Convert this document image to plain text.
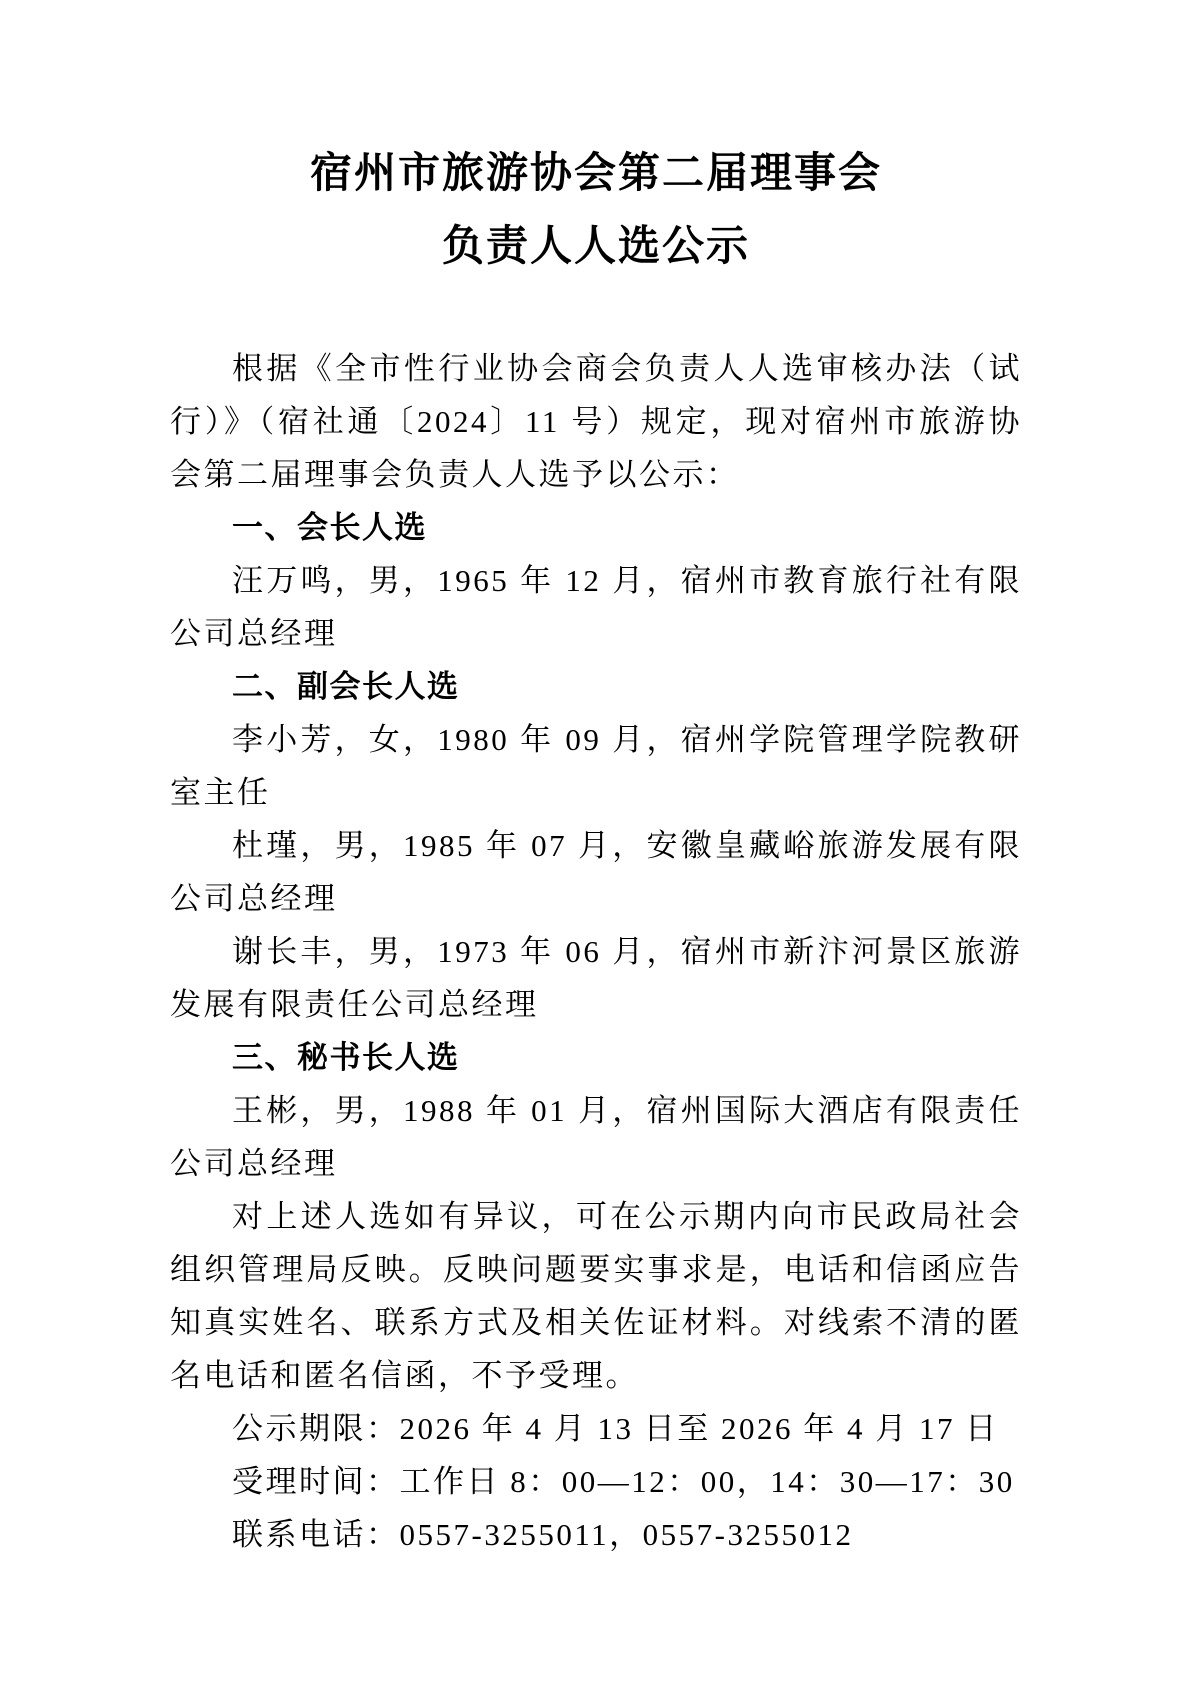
宿州市旅游协会第二届理事会
负责人人选公示

根据《全市性行业协会商会负责人人选审核办法（试行）》（宿社通〔2024〕11 号）规定，现对宿州市旅游协会第二届理事会负责人人选予以公示：

一、会长人选

汪万鸣，男，1965 年 12 月，宿州市教育旅行社有限公司总经理

二、副会长人选

李小芳，女，1980 年 09 月，宿州学院管理学院教研室主任

杜瑾，男，1985 年 07 月，安徽皇藏峪旅游发展有限公司总经理

谢长丰，男，1973 年 06 月，宿州市新汴河景区旅游发展有限责任公司总经理

三、秘书长人选

王彬，男，1988 年 01 月，宿州国际大酒店有限责任公司总经理

对上述人选如有异议，可在公示期内向市民政局社会组织管理局反映。反映问题要实事求是，电话和信函应告知真实姓名、联系方式及相关佐证材料。对线索不清的匿名电话和匿名信函，不予受理。

公示期限：2026 年 4 月 13 日至 2026 年 4 月 17 日

受理时间：工作日 8：00—12：00，14：30—17：30

联系电话：0557-3255011，0557-3255012
